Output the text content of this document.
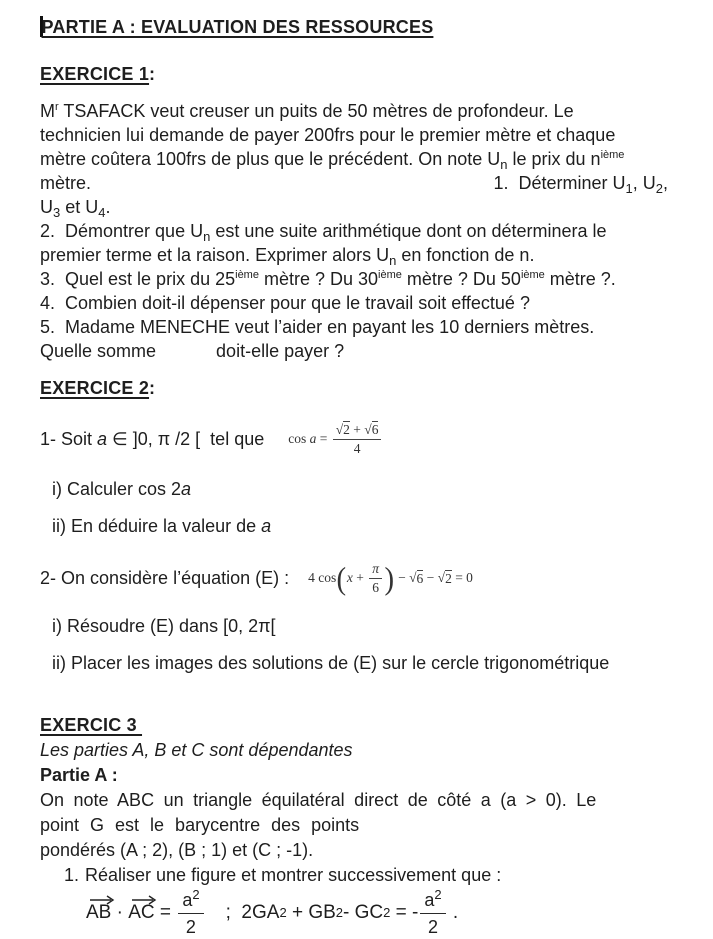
PARTIE A : EVALUATION DES RESSOURCES
EXERCICE 1:
$M^r$ TSAFACK veut creuser un puits de 50 mètres de profondeur. Le
technicien lui demande de payer 200frs pour le premier mètre et chaque
mètre coûtera 100frs de plus que le précédent. On note $U_n$ le prix du $n^{ième}$
mètre.	1. Déterminer $U_1$, $U_2$,
$U_3$ et $U_4$.
2. Démontrer que $U_n$ est une suite arithmétique dont on déterminera le
premier terme et la raison. Exprimer alors $U_n$ en fonction de n.
3. Quel est le prix du 25ième mètre ? Du 30ième mètre ? Du 50ième mètre ?.
4. Combien doit-il dépenser pour que le travail soit effectué ?
5. Madame MENECHE veut l’aider en payant les 10 derniers mètres.
Quelle somme	doit-elle payer ?
EXERCICE 2:
1- Soit a ∈ ]0, π /2 [  tel que $\cos a = \frac{√2 + √6}{4}$
i) Calculer cos 2a
ii) En déduire la valeur de a
2- On considère l’équation (E) : 4 cos ( $x + \frac{\pi}{6}$ ) − √ 6 − √ 2 = 0
i) Résoudre (E) dans [0, 2π[
ii) Placer les images des solutions de (E) sur le cercle trigonométrique
EXERCIC 3
Les parties A, B et C sont dépendantes
Partie A :
On note ABC un triangle équilatéral direct de côté a (a > 0). Le
point G est le barycentre des points
pondérés (A ; 2), (B ; 1) et (C ; -1).
1. Réaliser une figure et montrer successivement que :
AB · AC = $\frac{a^2}{2}$ ; 2GA 2 + GB 2 - GC 2 = - $\frac{a^2}{2}$ .
